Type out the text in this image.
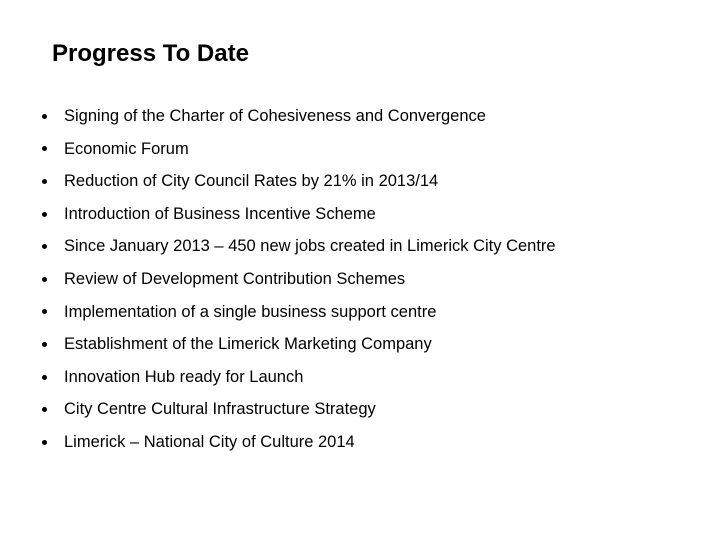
Progress To Date
Signing of the Charter of Cohesiveness and Convergence
Economic Forum
Reduction of City Council Rates by 21% in 2013/14
Introduction of Business Incentive Scheme
Since January 2013 – 450 new jobs created in Limerick City Centre
Review of Development Contribution Schemes
Implementation of a single business support centre
Establishment of the Limerick Marketing Company
Innovation Hub ready for Launch
City Centre Cultural Infrastructure Strategy
Limerick – National City of Culture 2014
